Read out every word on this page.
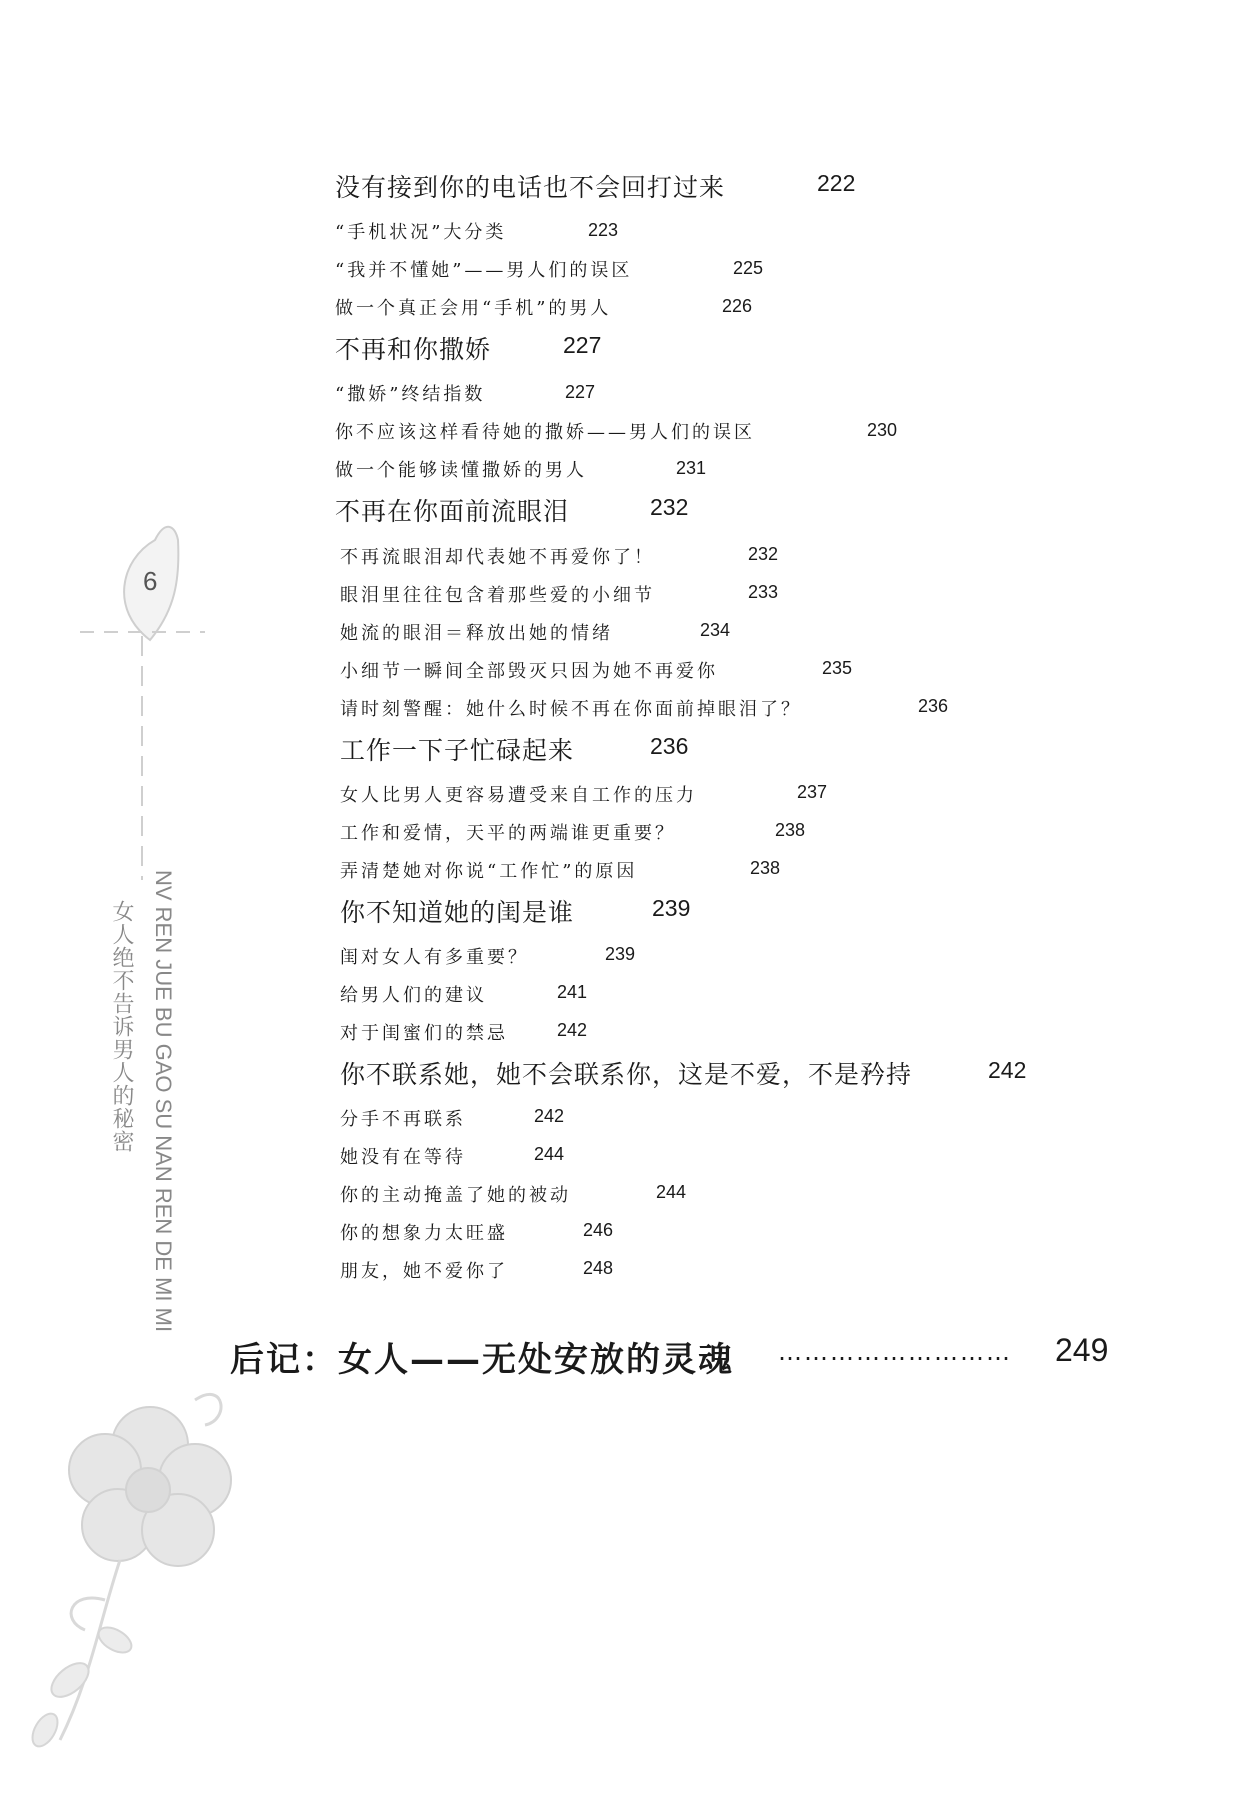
6
女人绝不告诉男人的秘密 NV REN JUE BU GAO SU NAN REN DE MI MI
没有接到你的电话也不会回打过来	222
“手机状况”大分类	223
“我并不懂她”——男人们的误区	225
做一个真正会用“手机”的男人	226
不再和你撒娇	227
“撒娇”终结指数	227
你不应该这样看待她的撒娇——男人们的误区	230
做一个能够读懂撒娇的男人	231
不再在你面前流眼泪	232
不再流眼泪却代表她不再爱你了！	232
眼泪里往往包含着那些爱的小细节	233
她流的眼泪＝释放出她的情绪	234
小细节一瞬间全部毁灭只因为她不再爱你	235
请时刻警醒：她什么时候不再在你面前掉眼泪了？	236
工作一下子忙碌起来	236
女人比男人更容易遭受来自工作的压力	237
工作和爱情，天平的两端谁更重要？	238
弄清楚她对你说“工作忙”的原因	238
你不知道她的闺是谁	239
闺对女人有多重要？	239
给男人们的建议	241
对于闺蜜们的禁忌	242
你不联系她，她不会联系你，这是不爱，不是矜持	242
分手不再联系	242
她没有在等待	244
你的主动掩盖了她的被动	244
你的想象力太旺盛	246
朋友，她不爱你了	248
后记：女人——无处安放的灵魂 ……………………… 249
